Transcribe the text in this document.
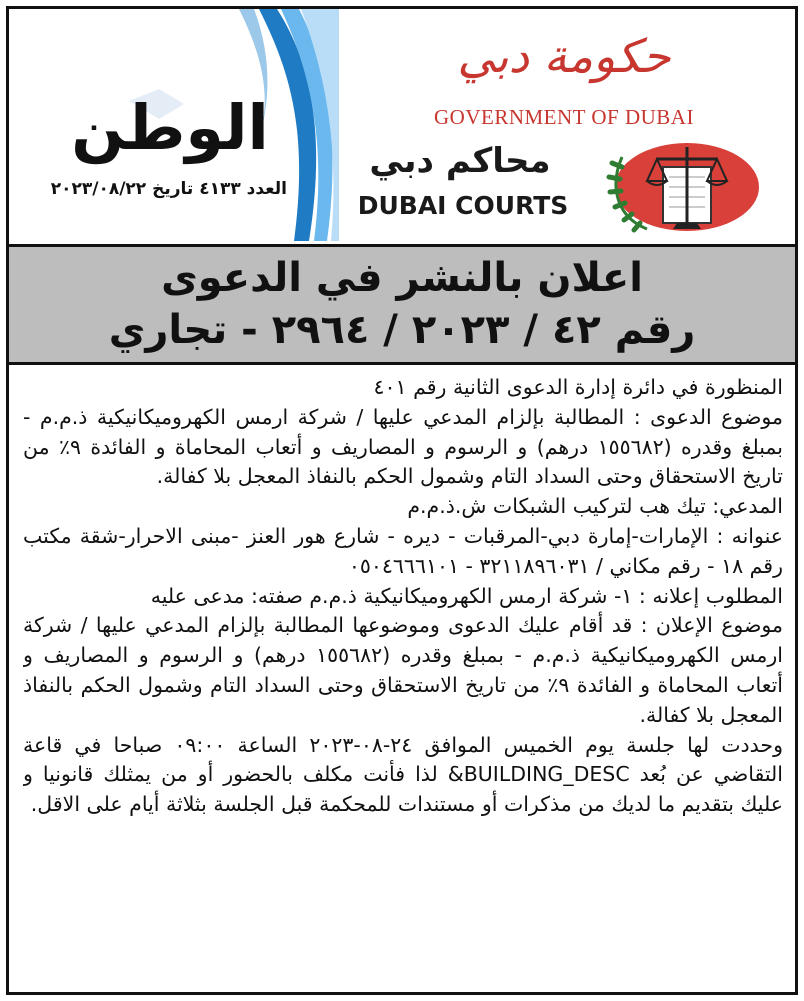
الوطن
العدد ٤١٣٣ تاريخ ٢٠٢٣/٠٨/٢٢
حكومة دبي
GOVERNMENT OF DUBAI
محاكم دبي
DUBAI COURTS
اعلان بالنشر في الدعوى
رقم ٤٢ / ٢٠٢٣ / ٢٩٦٤ - تجاري

المنظورة في دائرة إدارة الدعوى الثانية رقم ٤٠١

موضوع الدعوى : المطالبة بإلزام المدعي عليها / شركة ارمس الكهروميكانيكية ذ.م.م - بمبلغ وقدره (١٥٥٦٨٢ درهم) و الرسوم و المصاريف و أتعاب المحاماة و الفائدة ٩٪ من تاريخ الاستحقاق وحتى السداد التام وشمول الحكم بالنفاذ المعجل بلا كفالة.

المدعي: تيك هب لتركيب الشبكات ش.ذ.م.م

عنوانه : الإمارات-إمارة دبي-المرقبات - ديره - شارع هور العنز -مبنى الاحرار-شقة مكتب رقم ١٨ - رقم مكاني / ٣٢١١٨٩٦٠٣١ - ٠٥٠٤٦٦٦١٠١

المطلوب إعلانه : ١- شركة ارمس الكهروميكانيكية ذ.م.م صفته: مدعى عليه

موضوع الإعلان : قد أقام عليك الدعوى وموضوعها المطالبة بإلزام المدعي عليها / شركة ارمس الكهروميكانيكية ذ.م.م - بمبلغ وقدره (١٥٥٦٨٢ درهم) و الرسوم و المصاريف و أتعاب المحاماة و الفائدة ٩٪ من تاريخ الاستحقاق وحتى السداد التام وشمول الحكم بالنفاذ المعجل بلا كفالة.

وحددت لها جلسة يوم الخميس الموافق ٢٤-٠٨-٢٠٢٣ الساعة ٠٩:٠٠ صباحا في قاعة التقاضي عن بُعد BUILDING_DESC& لذا فأنت مكلف بالحضور أو من يمثلك قانونيا و عليك بتقديم ما لديك من مذكرات أو مستندات للمحكمة قبل الجلسة بثلاثة أيام على الاقل.
